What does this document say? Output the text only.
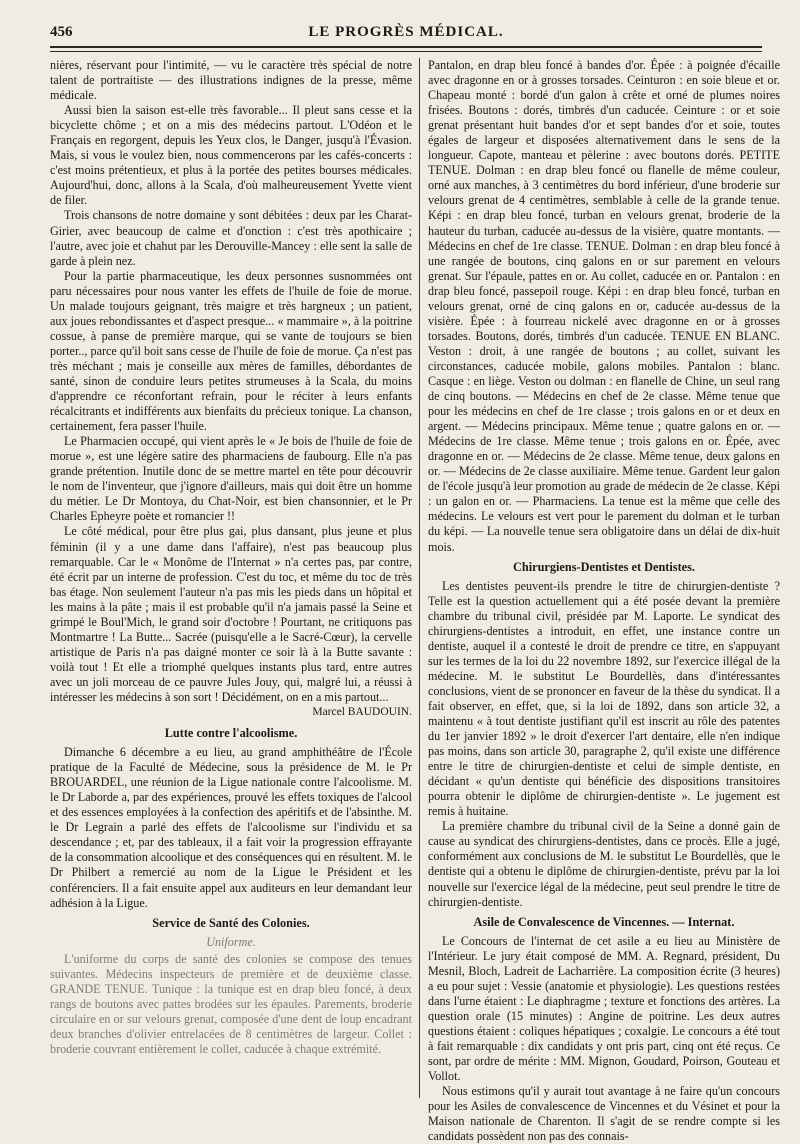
456	LE PROGRÈS MÉDICAL.

nières, réservant pour l'intimité, — vu le caractère très spécial de notre talent de portraitiste — des illustrations indignes de la presse, même médicale.

Aussi bien la saison est-elle très favorable... Il pleut sans cesse et la bicyclette chôme ; et on a mis des médecins partout. L'Odéon et le Français en regorgent, depuis les Yeux clos, le Danger, jusqu'à l'Évasion. Mais, si vous le voulez bien, nous commencerons par les cafés-concerts : c'est moins prétentieux, et plus à la portée des petites bourses médicales. Aujourd'hui, donc, allons à la Scala, d'où malheureusement Yvette vient de filer.

Trois chansons de notre domaine y sont débitées : deux par les Charat-Girier, avec beaucoup de calme et d'onction : c'est très apothicaire ; l'autre, avec joie et chahut par les Derouville-Mancey : elle sent la salle de garde à plein nez.

Pour la partie pharmaceutique, les deux personnes susnommées ont paru nécessaires pour nous vanter les effets de l'huile de foie de morue. Un malade toujours geignant, très maigre et très hargneux ; un patient, aux joues rebondissantes et d'aspect presque... « mammaire », à la poitrine cossue, à panse de première marque, qui se vante de toujours se bien porter.., parce qu'il boit sans cesse de l'huile de foie de morue. Ça n'est pas très méchant ; mais je conseille aux mères de familles, débordantes de santé, sinon de conduire leurs petites strumeuses à la Scala, du moins d'apprendre ce réconfortant refrain, pour le réciter à leurs enfants récalcitrants et indifférents aux bienfaits du précieux tonique. La chanson, certainement, fera passer l'huile.

Le Pharmacien occupé, qui vient après le « Je bois de l'huile de foie de morue », est une légère satire des pharmaciens de faubourg. Elle n'a pas grande prétention. Inutile donc de se mettre martel en tête pour découvrir le nom de l'inventeur, que j'ignore d'ailleurs, mais qui doit être un homme du métier. Le Dr Montoya, du Chat-Noir, est bien chansonnier, et le Pr Charles Epheyre poète et romancier !!

Le côté médical, pour être plus gai, plus dansant, plus jeune et plus féminin (il y a une dame dans l'affaire), n'est pas beaucoup plus remarquable. Car le « Monôme de l'Internat » n'a certes pas, par contre, été écrit par un interne de profession. C'est du toc, et même du toc de très bas étage. Non seulement l'auteur n'a pas mis les pieds dans un hôpital et les mains à la pâte ; mais il est probable qu'il n'a jamais passé la Seine et grimpé le Boul'Mich, le grand soir d'octobre ! Pourtant, ne critiquons pas Montmartre ! La Butte... Sacrée (puisqu'elle a le Sacré-Cœur), la cervelle artistique de Paris n'a pas daigné monter ce soir là à la Butte savante : voilà tout ! Et elle a triomphé quelques instants plus tard, entre autres avec un joli morceau de ce pauvre Jules Jouy, qui, malgré lui, a réussi à intéresser les médecins à son sort ! Décidément, on en a mis partout...

Marcel BAUDOUIN.
Lutte contre l'alcoolisme.

Dimanche 6 décembre a eu lieu, au grand amphithéâtre de l'École pratique de la Faculté de Médecine, sous la présidence de M. le Pr BROUARDEL, une réunion de la Ligue nationale contre l'alcoolisme. M. le Dr Laborde a, par des expériences, prouvé les effets toxiques de l'alcool et des essences employées à la confection des apéritifs et de l'absinthe. M. le Dr Legrain a parlé des effets de l'alcoolisme sur l'individu et sa descendance ; et, par des tableaux, il a fait voir la progression effrayante de la consommation alcoolique et des conséquences qui en résultent. M. le Dr Philbert a remercié au nom de la Ligue le Président et les conférenciers. Il a fait ensuite appel aux auditeurs en leur demandant leur adhésion à la Ligue.

Service de Santé des Colonies.
Uniforme.

L'uniforme du corps de santé des colonies se compose des tenues suivantes. Médecins inspecteurs de première et de deuxième classe. GRANDE TENUE. Tunique : la tunique est en drap bleu foncé, à deux rangs de boutons avec pattes brodées sur les épaules. Parements, broderie circulaire en or sur velours grenat, composée d'une dent de loup encadrant deux branches d'olivier entrelacées de 8 centimètres de largeur. Collet : broderie couvrant entièrement le collet, caducée à chaque extrémité.

Pantalon, en drap bleu foncé à bandes d'or. Épée : à poignée d'écaille avec dragonne en or à grosses torsades. Ceinturon : en soie bleue et or. Chapeau monté : bordé d'un galon à crête et orné de plumes noires frisées. Boutons : dorés, timbrés d'un caducée. Ceinture : or et soie grenat présentant huit bandes d'or et sept bandes d'or et soie, toutes égales de largeur et disposées alternativement dans le sens de la longueur. Capote, manteau et pèlerine : avec boutons dorés. PETITE TENUE. Dolman : en drap bleu foncé ou flanelle de même couleur, orné aux manches, à 3 centimètres du bord inférieur, d'une broderie sur velours grenat de 4 centimètres, semblable à celle de la grande tenue. Képi : en drap bleu foncé, turban en velours grenat, broderie de la hauteur du turban, caducée au-dessus de la visière, quatre montants. — Médecins en chef de 1re classe. TENUE. Dolman : en drap bleu foncé à une rangée de boutons, cinq galons en or sur parement en velours grenat. Sur l'épaule, pattes en or. Au collet, caducée en or. Pantalon : en drap bleu foncé, passepoil rouge. Képi : en drap bleu foncé, turban en velours grenat, orné de cinq galons en or, caducée au-dessus de la visière. Épée : à fourreau nickelé avec dragonne en or à grosses torsades. Boutons, dorés, timbrés d'un caducée. TENUE EN BLANC. Veston : droit, à une rangée de boutons ; au collet, suivant les circonstances, caducée mobile, galons mobiles. Pantalon : blanc. Casque : en liège. Veston ou dolman : en flanelle de Chine, un seul rang de cinq boutons. — Médecins en chef de 2e classe. Même tenue que pour les médecins en chef de 1re classe ; trois galons en or et deux en argent. — Médecins principaux. Même tenue ; quatre galons en or. — Médecins de 1re classe. Même tenue ; trois galons en or. Épée, avec dragonne en or. — Médecins de 2e classe. Même tenue, deux galons en or. — Médecins de 2e classe auxiliaire. Même tenue. Gardent leur galon de l'école jusqu'à leur promotion au grade de médecin de 2e classe. Képi : un galon en or. — Pharmaciens. La tenue est la même que celle des médecins. Le velours est vert pour le parement du dolman et le turban du képi. — La nouvelle tenue sera obligatoire dans un délai de dix-huit mois.

Chirurgiens-Dentistes et Dentistes.

Les dentistes peuvent-ils prendre le titre de chirurgien-dentiste ? Telle est la question actuellement qui a été posée devant la première chambre du tribunal civil, présidée par M. Laporte. Le syndicat des chirurgiens-dentistes a introduit, en effet, une instance contre un dentiste, auquel il a contesté le droit de prendre ce titre, en s'appuyant sur les termes de la loi du 22 novembre 1892, sur l'exercice illégal de la médecine. M. le substitut Le Bourdellès, dans d'intéressantes conclusions, vient de se prononcer en faveur de la thèse du syndicat. Il a fait observer, en effet, que, si la loi de 1892, dans son article 32, a maintenu « à tout dentiste justifiant qu'il est inscrit au rôle des patentes du 1er janvier 1892 » le droit d'exercer l'art dentaire, elle n'en indique pas moins, dans son article 30, paragraphe 2, qu'il existe une différence entre le titre de chirurgien-dentiste et celui de simple dentiste, en décidant « qu'un dentiste qui bénéficie des dispositions transitoires pourra obtenir le diplôme de chirurgien-dentiste ». Le jugement est remis à huitaine.

La première chambre du tribunal civil de la Seine a donné gain de cause au syndicat des chirurgiens-dentistes, dans ce procès. Elle a jugé, conformément aux conclusions de M. le substitut Le Bourdellès, que le dentiste qui a obtenu le diplôme de chirurgien-dentiste, prévu par la loi nouvelle sur l'exercice légal de la médecine, peut seul prendre le titre de chirurgien-dentiste.

Asile de Convalescence de Vincennes. — Internat.

Le Concours de l'internat de cet asile a eu lieu au Ministère de l'Intérieur. Le jury était composé de MM. A. Regnard, président, Du Mesnil, Bloch, Ladreit de Lacharrière. La composition écrite (3 heures) a eu pour sujet : Vessie (anatomie et physiologie). Les questions restées dans l'urne étaient : Le diaphragme ; texture et fonctions des artères. La question orale (15 minutes) : Angine de poitrine. Les deux autres questions étaient : coliques hépatiques ; coxalgie. Le concours a été tout à fait remarquable : dix candidats y ont pris part, cinq ont été reçus. Ce sont, par ordre de mérite : MM. Mignon, Goudard, Poirson, Gouteau et Vollot.

Nous estimons qu'il y aurait tout avantage à ne faire qu'un concours pour les Asiles de convalescence de Vincennes et du Vésinet et pour la Maison nationale de Charenton. Il s'agit de se rendre compte si les candidats possèdent non pas des connais-
